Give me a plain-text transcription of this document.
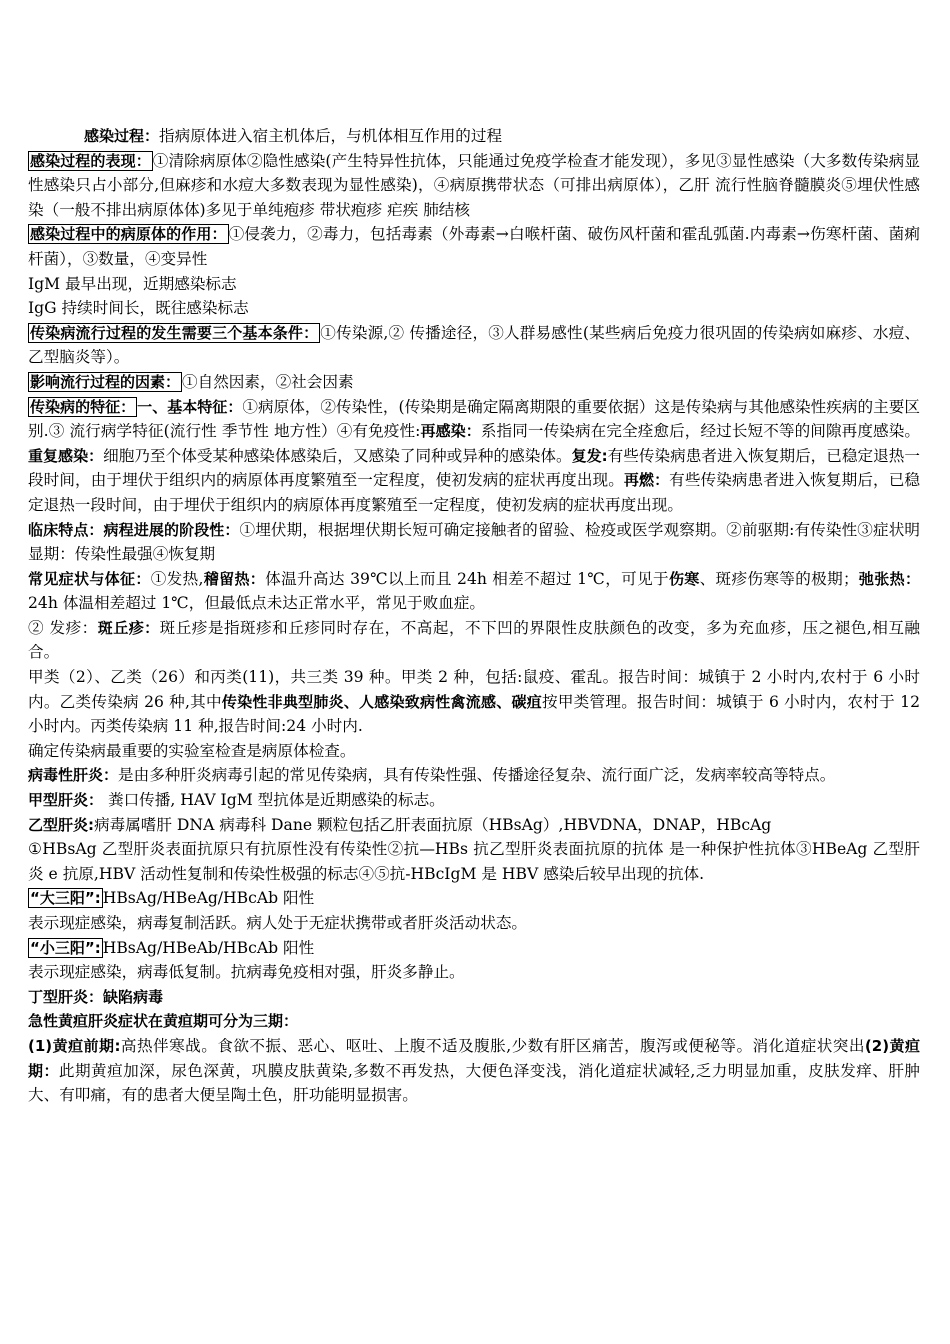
感染过程：指病原体进入宿主机体后，与机体相互作用的过程

感染过程的表现： ①清除病原体②隐性感染(产生特异性抗体，只能通过免疫学检查才能发现），多见③显性感染（大多数传染病显性感染只占小部分,但麻疹和水痘大多数表现为显性感染)，④病原携带状态（可排出病原体），乙肝 流行性脑脊髓膜炎⑤埋伏性感染（一般不排出病原体体)多见于单纯疱疹 带状疱疹 疟疾 肺结核

感染过程中的病原体的作用： ①侵袭力，②毒力，包括毒素（外毒素→白喉杆菌、破伤风杆菌和霍乱弧菌.内毒素→伤寒杆菌、菌痢杆菌），③数量，④变异性

IgM 最早出现，近期感染标志

IgG 持续时间长，既往感染标志

传染病流行过程的发生需要三个基本条件： ①传染源,② 传播途径，③人群易感性(某些病后免疫力很巩固的传染病如麻疹、水痘、乙型脑炎等）。

影响流行过程的因素： ①自然因素，②社会因素

传染病的特征： 一、基本特征：①病原体，②传染性，(传染期是确定隔离期限的重要依据）这是传染病与其他感染性疾病的主要区别.③ 流行病学特征(流行性 季节性 地方性）④有免疫性:再感染：系指同一传染病在完全痊愈后，经过长短不等的间隙再度感染。 重复感染：细胞乃至个体受某种感染体感染后，又感染了同种或异种的感染体。复发:有些传染病患者进入恢复期后，已稳定退热一段时间，由于埋伏于组织内的病原体再度繁殖至一定程度，使初发病的症状再度出现。再燃：有些传染病患者进入恢复期后，已稳定退热一段时间，由于埋伏于组织内的病原体再度繁殖至一定程度，使初发病的症状再度出现。

临床特点：病程进展的阶段性：①埋伏期，根据埋伏期长短可确定接触者的留验、检疫或医学观察期。②前驱期:有传染性③症状明显期：传染性最强④恢复期

常见症状与体征：①发热,稽留热：体温升高达 39℃以上而且 24h 相差不超过 1℃，可见于伤寒、斑疹伤寒等的极期；弛张热：24h 体温相差超过 1℃，但最低点未达正常水平，常见于败血症。

② 发疹：斑丘疹：斑丘疹是指斑疹和丘疹同时存在，不高起，不下凹的界限性皮肤颜色的改变，多为充血疹，压之褪色,相互融合。

甲类（2）、乙类（26）和丙类(11)，共三类 39 种。甲类 2 种，包括:鼠疫、霍乱。报告时间：城镇于 2 小时内,农村于 6 小时内。乙类传染病 26 种,其中传染性非典型肺炎、人感染致病性禽流感、碳疽按甲类管理。报告时间：城镇于 6 小时内，农村于 12 小时内。丙类传染病 11 种,报告时间:24 小时内.

确定传染病最重要的实验室检查是病原体检查。

病毒性肝炎：是由多种肝炎病毒引起的常见传染病，具有传染性强、传播途径复杂、流行面广泛，发病率较高等特点。

甲型肝炎： 粪口传播, HAV IgM 型抗体是近期感染的标志。

乙型肝炎:病毒属嗜肝 DNA 病毒科 Dane 颗粒包括乙肝表面抗原（HBsAg）,HBVDNA，DNAP，HBcAg

①HBsAg 乙型肝炎表面抗原只有抗原性没有传染性②抗—HBs 抗乙型肝炎表面抗原的抗体 是一种保护性抗体③HBeAg 乙型肝炎 e 抗原,HBV 活动性复制和传染性极强的标志④⑤抗-HBcIgM 是 HBV 感染后较早出现的抗体.

“大三阳”: HBsAg/HBeAg/HBcAb 阳性

表示现症感染，病毒复制活跃。病人处于无症状携带或者肝炎活动状态。

“小三阳”: HBsAg/HBeAb/HBcAb 阳性

表示现症感染，病毒低复制。抗病毒免疫相对强，肝炎多静止。

丁型肝炎：缺陷病毒

急性黄疸肝炎症状在黄疸期可分为三期：

(1)黄疸前期:高热伴寒战。食欲不振、恶心、呕吐、上腹不适及腹胀,少数有肝区痛苦，腹泻或便秘等。消化道症状突出(2)黄疸期：此期黄疸加深，尿色深黄，巩膜皮肤黄染,多数不再发热，大便色泽变浅，消化道症状减轻,乏力明显加重，皮肤发痒、肝肿大、有叩痛，有的患者大便呈陶土色，肝功能明显损害。
